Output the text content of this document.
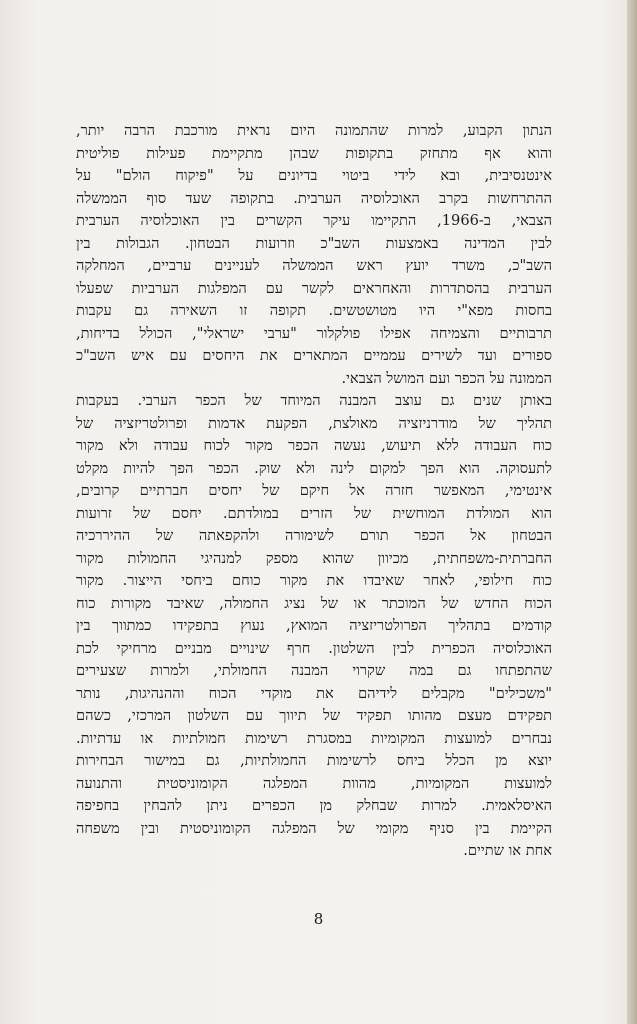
הנתון הקבוע, למרות שהתמונה היום נראית מורכבת הרבה יותר,
והוא אף מתחזק בתקופות שבהן מתקיימת פעילות פוליטית
אינטנסיבית, ובא לידי ביטוי בדיונים על "פיקוח הולם" על
ההתרחשות בקרב האוכלוסיה הערבית. בתקופה שעד סוף הממשלה
הצבאי, ב-1966, התקיימו עיקר הקשרים בין האוכלוסיה הערבית
לבין המדינה באמצעות השב"כ וזרועות הבטחון. הגבולות בין
השב"כ, משרד יועץ ראש הממשלה לעניינים ערביים, המחלקה
הערבית בהסתדרות והאחראים לקשר עם המפלגות הערביות שפעלו
בחסות מפא"י היו מטושטשים. תקופה זו השאירה גם עקבות
תרבותיים והצמיחה אפילו פולקלור "ערבי ישראלי", הכולל בדיחות,
ספורים ועד לשירים עממיים המתארים את היחסים עם איש השב"כ
הממונה על הכפר ועם המושל הצבאי.
באותן שנים גם עוצב המבנה המיוחד של הכפר הערבי. בעקבות
תהליך של מודרניזציה מאולצת, הפקעת אדמות ופרולטריזציה של
כוח העבודה ללא תיעוש, נעשה הכפר מקור לכוח עבודה ולא מקור
לתעסוקה. הוא הפך למקום לינה ולא שוק. הכפר הפך להיות מקלט
אינטימי, המאפשר חזרה אל חיקם של יחסים חברתיים קרובים,
הוא המולדת המוחשית של הזרים במולדתם. יחסם של זרועות
הבטחון אל הכפר תורם לשימורה ולהקפאתה של ההיררכיה
החברתית-משפחתית, מכיוון שהוא מספק למנהיגי החמולות מקור
כוח חילופי, לאחר שאיבדו את מקור כוחם ביחסי הייצור. מקור
הכוח החדש של המוכתר או של נציג החמולה, שאיבד מקורות כוח
קודמים בתהליך הפרולטריזציה המואץ, נעוץ בתפקידו כמתווך בין
האוכלוסיה הכפרית לבין השלטון. חרף שינויים מבניים מרחיקי לכת
שהתפתחו גם במה שקרוי המבנה החמולתי, ולמרות שצעירים
"משכילים" מקבלים לידיהם את מוקדי הכוח וההנהיגות, נותר
תפקידם מעצם מהותו תפקיד של תיווך עם השלטון המרכזי, כשהם
נבחרים למועצות המקומיות במסגרת רשימות חמולתיות או עדתיות.
יוצא מן הכלל ביחס לרשימות החמולתיות, גם במישור הבחירות
למועצות המקומיות, מהוות המפלגה הקומוניסטית והתנועה
האיסלאמית. למרות שבחלק מן הכפרים ניתן להבחין בחפיפה
הקיימת בין סניף מקומי של המפלגה הקומוניסטית ובין משפחה
אחת או שתיים.
8
